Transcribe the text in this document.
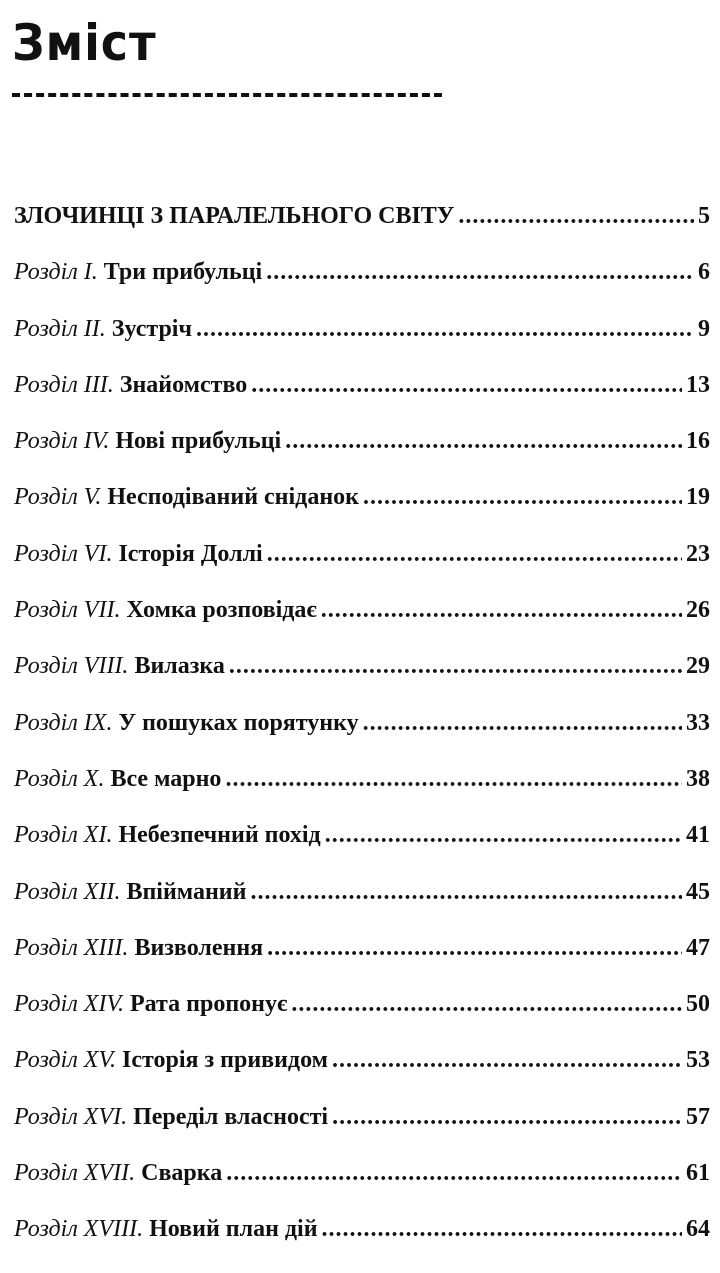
Зміст
ЗЛОЧИНЦІ З ПАРАЛЕЛЬНОГО СВІТУ .....	5
Розділ I. Три прибульці .....	6
Розділ II. Зустріч .....	9
Розділ III. Знайомство .....	13
Розділ IV. Нові прибульці .....	16
Розділ V. Несподіваний сніданок .....	19
Розділ VI. Історія Доллі .....	23
Розділ VII. Хомка розповідає .....	26
Розділ VIII. Вилазка .....	29
Розділ IX. У пошуках порятунку .....	33
Розділ X. Все марно .....	38
Розділ XI. Небезпечний похід .....	41
Розділ XII. Впійманий .....	45
Розділ XIII. Визволення .....	47
Розділ XIV. Рата пропонує .....	50
Розділ XV. Історія з привидом .....	53
Розділ XVI. Переділ власності .....	57
Розділ XVII. Сварка .....	61
Розділ XVIII. Новий план дій .....	64
